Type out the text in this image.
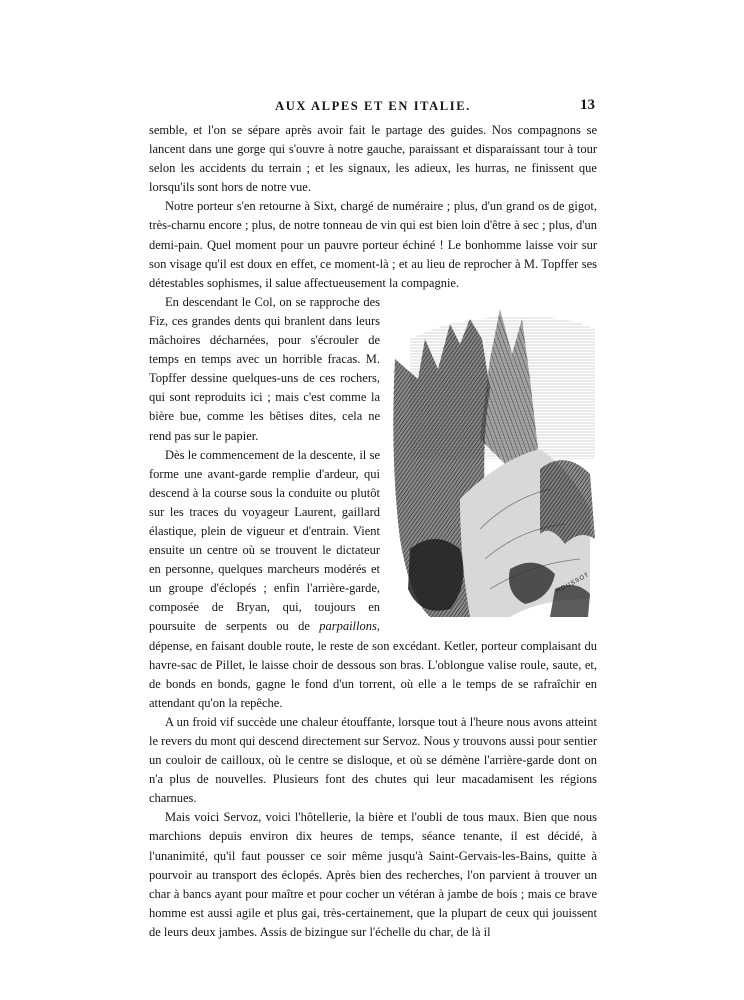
AUX ALPES ET EN ITALIE.	13

semble, et l'on se sépare après avoir fait le partage des guides. Nos compagnons se lancent dans une gorge qui s'ouvre à notre gauche, paraissant et disparaissant tour à tour selon les accidents du terrain ; et les signaux, les adieux, les hurras, ne finissent que lorsqu'ils sont hors de notre vue.

Notre porteur s'en retourne à Sixt, chargé de numéraire ; plus, d'un grand os de gigot, très-charnu encore ; plus, de notre tonneau de vin qui est bien loin d'être à sec ; plus, d'un demi-pain. Quel moment pour un pauvre porteur échiné ! Le bonhomme laisse voir sur son visage qu'il est doux en effet, ce moment-là ; et au lieu de reprocher à M. Topffer ses détestables sophismes, il salue affectueusement la compagnie.

HOUSSOT
En descendant le Col, on se rapproche des Fiz, ces grandes dents qui branlent dans leurs mâchoires décharnées, pour s'écrouler de temps en temps avec un horrible fracas. M. Topffer dessine quelques-uns de ces rochers, qui sont reproduits ici ; mais c'est comme la bière bue, comme les bêtises dites, cela ne rend pas sur le papier.

Dès le commencement de la descente, il se forme une avant-garde remplie d'ardeur, qui descend à la course sous la conduite ou plutôt sur les traces du voyageur Laurent, gaillard élastique, plein de vigueur et d'entrain. Vient ensuite un centre où se trouvent le dictateur en personne, quelques marcheurs modérés et un groupe d'éclopés ; enfin l'arrière-garde, composée de Bryan, qui, toujours en poursuite de serpents ou de parpaillons, dépense, en faisant double route, le reste de son excédant. Ketler, porteur complaisant du havre-sac de Pillet, le laisse choir de dessous son bras. L'oblongue valise roule, saute, et, de bonds en bonds, gagne le fond d'un torrent, où elle a le temps de se rafraîchir en attendant qu'on la repêche.

A un froid vif succède une chaleur étouffante, lorsque tout à l'heure nous avons atteint le revers du mont qui descend directement sur Servoz. Nous y trouvons aussi pour sentier un couloir de cailloux, où le centre se disloque, et où se démène l'arrière-garde dont on n'a plus de nouvelles. Plusieurs font des chutes qui leur macadamisent les régions charnues.

Mais voici Servoz, voici l'hôtellerie, la bière et l'oubli de tous maux. Bien que nous marchions depuis environ dix heures de temps, séance tenante, il est décidé, à l'unanimité, qu'il faut pousser ce soir même jusqu'à Saint-Gervais-les-Bains, quitte à pourvoir au transport des éclopés. Après bien des recherches, l'on parvient à trouver un char à bancs ayant pour maître et pour cocher un vétéran à jambe de bois ; mais ce brave homme est aussi agile et plus gai, très-certainement, que la plupart de ceux qui jouissent de leurs deux jambes. Assis de bizingue sur l'échelle du char, de là il
